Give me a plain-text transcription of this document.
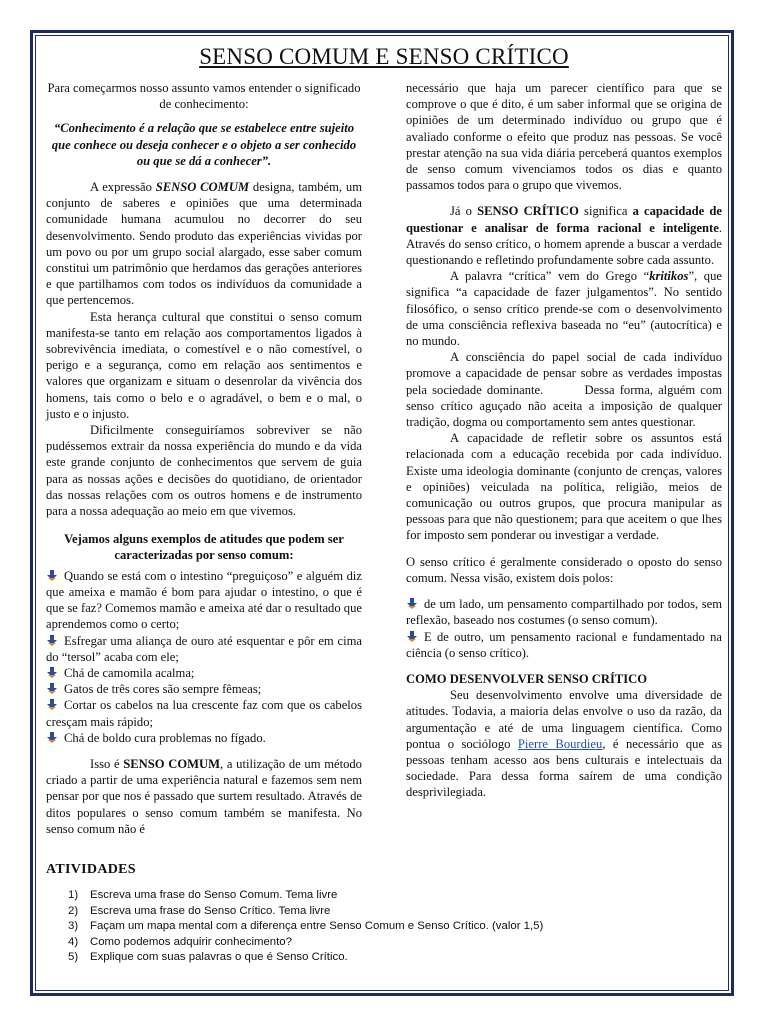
SENSO COMUM E SENSO CRÍTICO

Para começarmos nosso assunto vamos entender o significado de conhecimento:

“Conhecimento é a relação que se estabelece entre sujeito que conhece ou deseja conhecer e o objeto a ser conhecido ou que se dá a conhecer”.

A expressão SENSO COMUM designa, também, um conjunto de saberes e opiniões que uma determinada comunidade humana acumulou no decorrer do seu desenvolvimento. Sendo produto das experiências vividas por um povo ou por um grupo social alargado, esse saber comum constitui um patrimônio que herdamos das gerações anteriores e que partilhamos com todos os indivíduos da comunidade a que pertencemos.

Esta herança cultural que constitui o senso comum manifesta-se tanto em relação aos comportamentos ligados à sobrevivência imediata, o comestível e o não comestível, o perigo e a segurança, como em relação aos sentimentos e valores que organizam e situam o desenrolar da vivência dos homens, tais como o belo e o agradável, o bem e o mal, o justo e o injusto.

Dificilmente conseguiríamos sobreviver se não pudéssemos extrair da nossa experiência do mundo e da vida este grande conjunto de conhecimentos que servem de guia para as nossas ações e decisões do quotidiano, de orientador das nossas relações com os outros homens e de instrumento para a nossa adequação ao meio em que vivemos.

Vejamos alguns exemplos de atitudes que podem ser caracterizadas por senso comum:

Quando se está com o intestino “preguiçoso” e alguém diz que ameixa e mamão é bom para ajudar o intestino, o que é que se faz? Comemos mamão e ameixa até dar o resultado que aprendemos como o certo;
Esfregar uma aliança de ouro até esquentar e pôr em cima do “tersol” acaba com ele;
Chá de camomila acalma;
Gatos de três cores são sempre fêmeas;
Cortar os cabelos na lua crescente faz com que os cabelos cresçam mais rápido;
Chá de boldo cura problemas no fígado.

Isso é SENSO COMUM, a utilização de um método criado a partir de uma experiência natural e fazemos sem nem pensar por que nos é passado que surtem resultado. Através de ditos populares o senso comum também se manifesta. No senso comum não é

necessário que haja um parecer científico para que se comprove o que é dito, é um saber informal que se origina de opiniões de um determinado indivíduo ou grupo que é avaliado conforme o efeito que produz nas pessoas. Se você prestar atenção na sua vida diária perceberá quantos exemplos de senso comum vivenciamos todos os dias e quanto passamos todos para o grupo que vivemos.

Já o SENSO CRÍTICO significa a capacidade de questionar e analisar de forma racional e inteligente. Através do senso crítico, o homem aprende a buscar a verdade questionando e refletindo profundamente sobre cada assunto.

A palavra “crítica” vem do Grego “kritikos”, que significa “a capacidade de fazer julgamentos”. No sentido filosófico, o senso crítico prende-se com o desenvolvimento de uma consciência reflexiva baseada no “eu” (autocrítica) e no mundo.

A consciência do papel social de cada indivíduo promove a capacidade de pensar sobre as verdades impostas pela sociedade dominante.        Dessa forma, alguém com senso crítico aguçado não aceita a imposição de qualquer tradição, dogma ou comportamento sem antes questionar.

A capacidade de refletir sobre os assuntos está relacionada com a educação recebida por cada indivíduo. Existe uma ideologia dominante (conjunto de crenças, valores e opiniões) veiculada na política, religião, meios de comunicação ou outros grupos, que procura manipular as pessoas para que não questionem; para que aceitem o que lhes for imposto sem ponderar ou investigar a verdade.

O senso crítico é geralmente considerado o oposto do senso comum. Nessa visão, existem dois polos:

de um lado, um pensamento compartilhado por todos, sem reflexão, baseado nos costumes (o senso comum).
E de outro, um pensamento racional e fundamentado na ciência (o senso crítico).

COMO DESENVOLVER SENSO CRÍTICO

Seu desenvolvimento envolve uma diversidade de atitudes. Todavia, a maioria delas envolve o uso da razão, da argumentação e até de uma linguagem científica. Como pontua o sociólogo Pierre Bourdieu, é necessário que as pessoas tenham acesso aos bens culturais e intelectuais da sociedade. Para dessa forma saírem de uma condição desprivilegiada.

ATIVIDADES
1)	Escreva uma frase do Senso Comum. Tema livre
2)	Escreva uma frase do Senso Crítico. Tema livre
3)	Façam um mapa mental com a diferença entre Senso Comum e Senso Crítico. (valor 1,5)
4)	Como podemos adquirir conhecimento?
5)	Explique com suas palavras o que é Senso Crítico.
